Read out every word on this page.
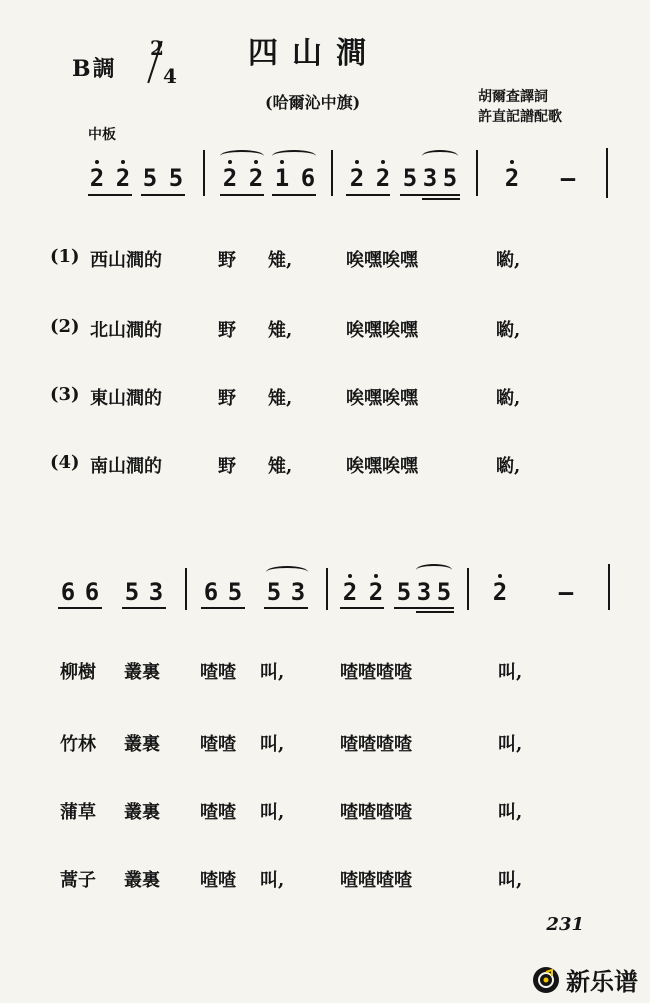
B調
2
4
四山澗
(哈爾沁中旗)	胡爾查譯詞
許直記譜配歌
中板
2 2 5 5 2 2 1 6 2 2 5 3 5 2 —
(1) 西山澗的	野 雉,	唉嘿唉嘿	喲,
(2) 北山澗的	野 雉,	唉嘿唉嘿	喲,
(3) 東山澗的	野 雉,	唉嘿唉嘿	喲,
(4) 南山澗的	野 雉,	唉嘿唉嘿	喲,
6 6 5 3 6 5 5 3 2 2 5 3 5 2 —
柳樹 叢裏 喳喳 叫,	喳喳喳喳	叫,
竹林 叢裏 喳喳 叫,	喳喳喳喳	叫,
蒲草 叢裏 喳喳 叫,	喳喳喳喳	叫,
蒿子 叢裏 喳喳 叫,	喳喳喳喳	叫,
231
新乐谱
